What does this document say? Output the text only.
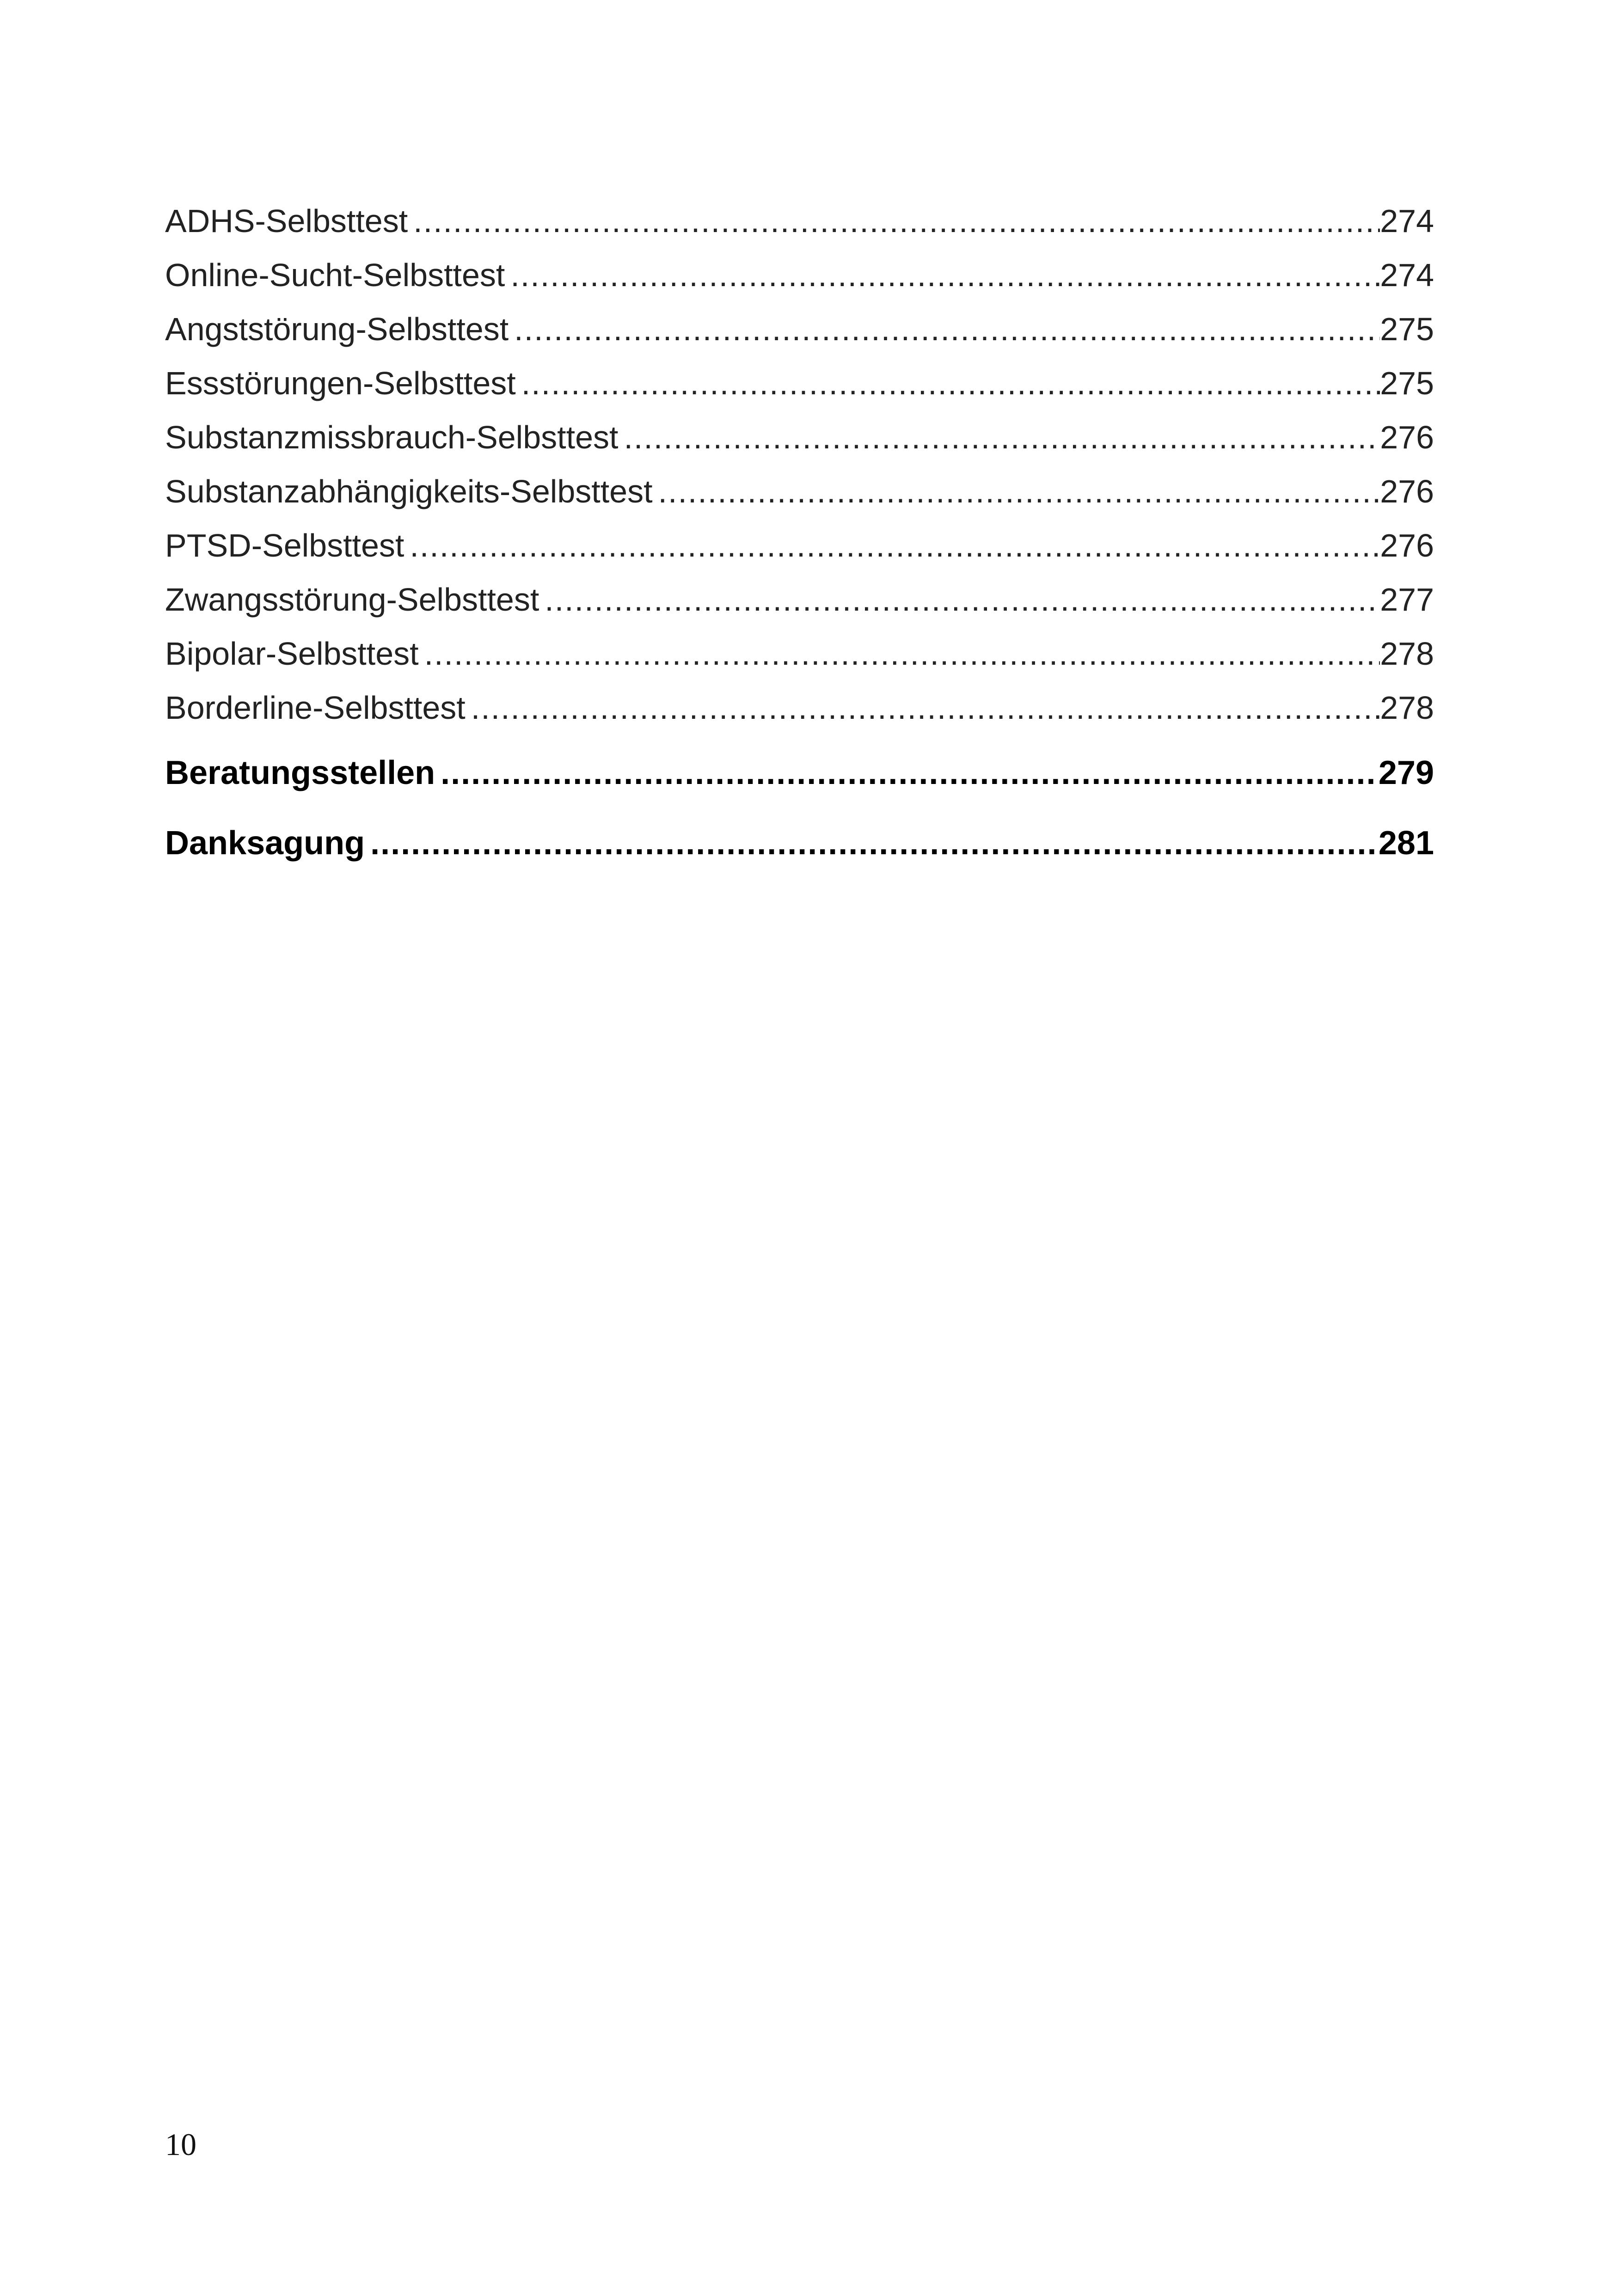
ADHS-Selbsttest .....	274
Online-Sucht-Selbsttest .....	274
Angststörung-Selbsttest .....	275
Essstörungen-Selbsttest .....	275
Substanzmissbrauch-Selbsttest .....	276
Substanzabhängigkeits-Selbsttest .....	276
PTSD-Selbsttest .....	276
Zwangsstörung-Selbsttest .....	277
Bipolar-Selbsttest .....	278
Borderline-Selbsttest .....	278
Beratungsstellen .....	279
Danksagung .....	281
10
